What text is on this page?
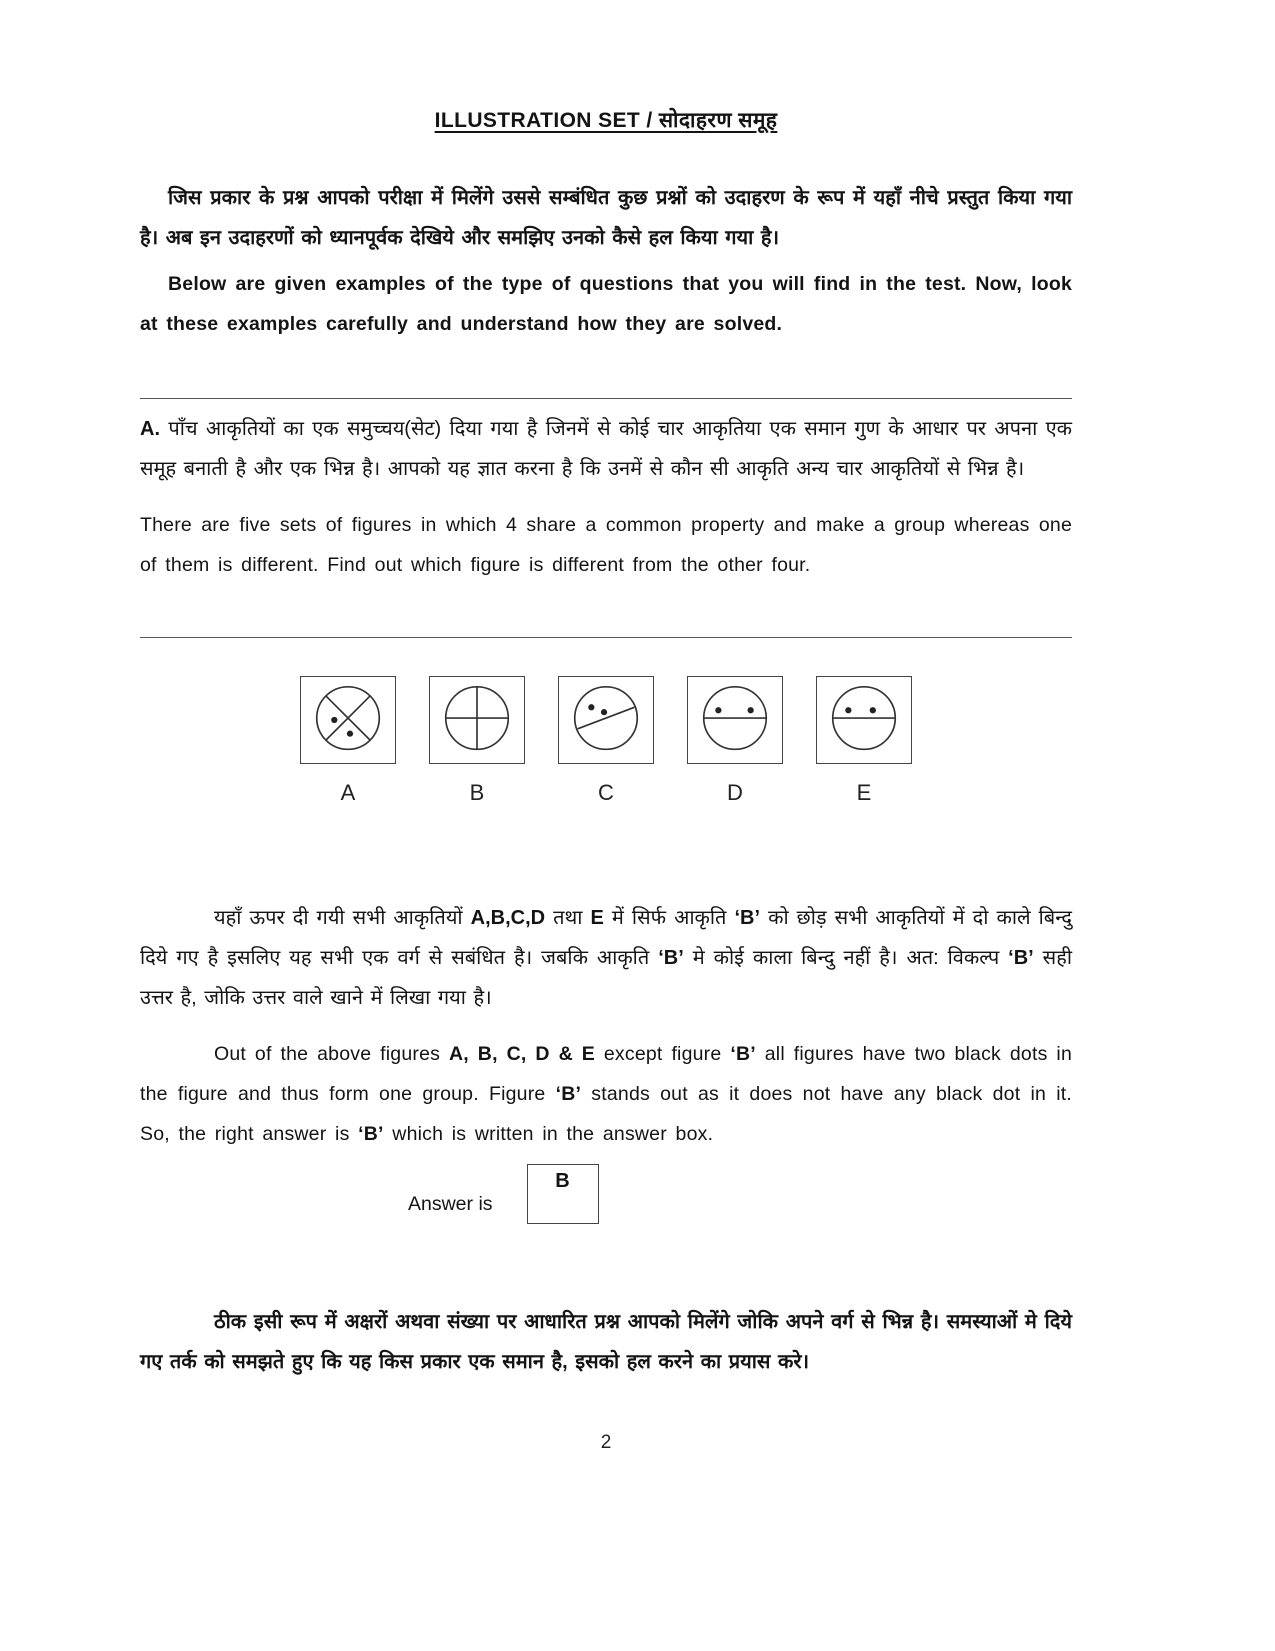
ILLUSTRATION SET / सोदाहरण समूह

जिस प्रकार के प्रश्न आपको परीक्षा में मिलेंगे उससे सम्बंधित कुछ प्रश्नों को उदाहरण के रूप में यहाँ नीचे प्रस्तुत किया गया है। अब इन उदाहरणों को ध्यानपूर्वक देखिये और समझिए उनको कैसे हल किया गया है।

Below are given examples of the type of questions that you will find in the test. Now, look at these examples carefully and understand how they are solved.

A. पाँच आकृतियों का एक समुच्चय(सेट) दिया गया है जिनमें से कोई चार आकृतिया एक समान गुण के आधार पर अपना एक समूह बनाती है और एक भिन्न है। आपको यह ज्ञात करना है कि उनमें से कौन सी आकृति अन्य चार आकृतियों से भिन्न है।

There are five sets of figures in which 4 share a common property and make a group whereas one of them is different. Find out which figure is different from the other four.

A	B	C	D	E

यहाँ ऊपर दी गयी सभी आकृतियों A,B,C,D तथा E में सिर्फ आकृति ‘B’ को छोड़ सभी आकृतियों में दो काले बिन्दु दिये गए है इसलिए यह सभी एक वर्ग से सबंधित है। जबकि आकृति ‘B’ मे कोई काला बिन्दु नहीं है। अत: विकल्प ‘B’ सही उत्तर है, जोकि उत्तर वाले खाने में लिखा गया है।

Out of the above figures A, B, C, D & E except figure ‘B’ all figures have two black dots in the figure and thus form one group. Figure ‘B’ stands out as it does not have any black dot in it. So, the right answer is ‘B’ which is written in the answer box.

Answer is
B

ठीक इसी रूप में अक्षरों अथवा संख्या पर आधारित प्रश्न आपको मिलेंगे जोकि अपने वर्ग से भिन्न है। समस्याओं मे दिये गए तर्क को समझते हुए कि यह किस प्रकार एक समान है, इसको हल करने का प्रयास करे।

2
